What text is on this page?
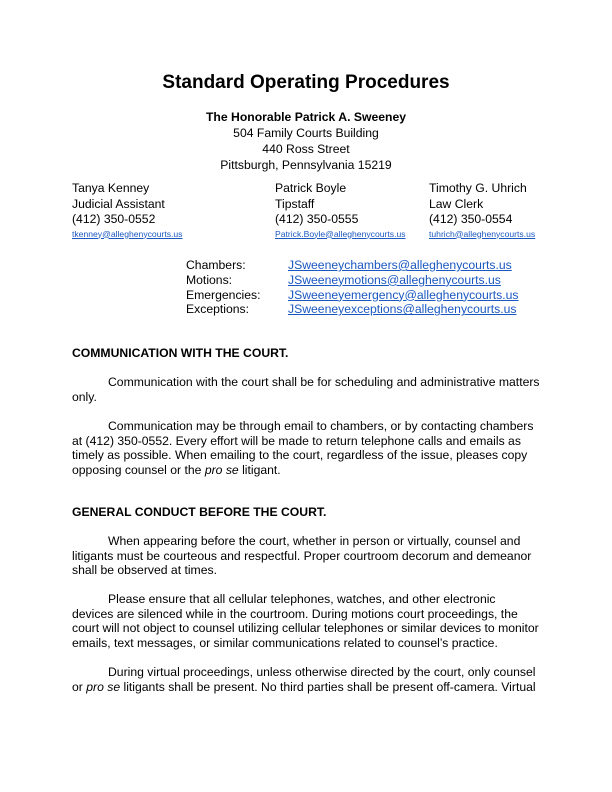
Standard Operating Procedures
The Honorable Patrick A. Sweeney
504 Family Courts Building
440 Ross Street
Pittsburgh, Pennsylvania 15219
Tanya Kenney
Judicial Assistant
(412) 350-0552
tkenney@alleghenycourts.us
Patrick Boyle
Tipstaff
(412) 350-0555
Patrick.Boyle@alleghenycourts.us
Timothy G. Uhrich
Law Clerk
(412) 350-0554
tuhrich@alleghenycourts.us
Chambers:	JSweeneychambers@alleghenycourts.us
Motions:	JSweeneymotions@alleghenycourts.us
Emergencies:	JSweeneyemergency@alleghenycourts.us
Exceptions:	JSweeneyexceptions@alleghenycourts.us
COMMUNICATION WITH THE COURT.
Communication with the court shall be for scheduling and administrative matters only.
Communication may be through email to chambers, or by contacting chambers at (412) 350-0552. Every effort will be made to return telephone calls and emails as timely as possible. When emailing to the court, regardless of the issue, pleases copy opposing counsel or the pro se litigant.
GENERAL CONDUCT BEFORE THE COURT.
When appearing before the court, whether in person or virtually, counsel and litigants must be courteous and respectful. Proper courtroom decorum and demeanor shall be observed at times.
Please ensure that all cellular telephones, watches, and other electronic devices are silenced while in the courtroom. During motions court proceedings, the court will not object to counsel utilizing cellular telephones or similar devices to monitor emails, text messages, or similar communications related to counsel’s practice.
During virtual proceedings, unless otherwise directed by the court, only counsel or pro se litigants shall be present. No third parties shall be present off-camera. Virtual
